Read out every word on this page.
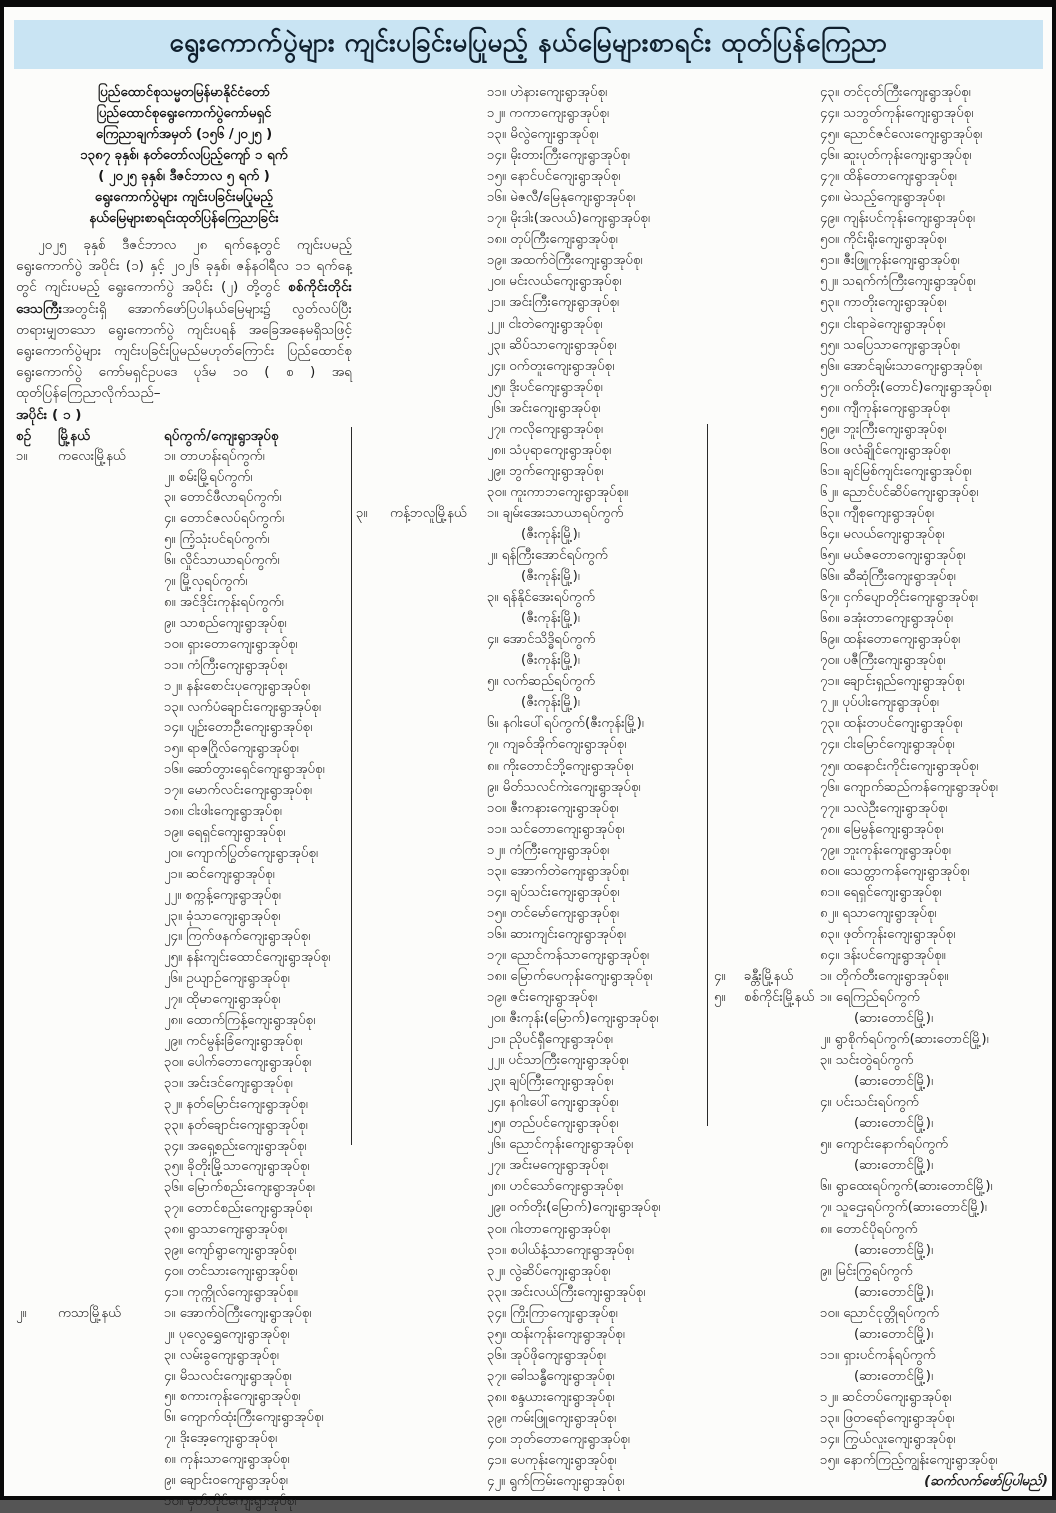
ရွေးကောက်ပွဲများ ကျင်းပခြင်းမပြုမည့် နယ်မြေများစာရင်း ထုတ်ပြန်ကြေညာ
ပြည်ထောင်စုသမ္မတမြန်မာနိုင်ငံတော်
ပြည်ထောင်စုရွေးကောက်ပွဲကော်မရှင်
ကြေညာချက်အမှတ် (၁၅၆ /၂၀၂၅ )
၁၃၈၇ ခုနှစ်၊ နတ်တော်လပြည့်ကျော် ၁ ရက်
( ၂၀၂၅ ခုနှစ်၊ ဒီဇင်ဘာလ ၅ ရက် )
ရွေးကောက်ပွဲများ ကျင်းပခြင်းမပြုမည့်
နယ်မြေများစာရင်းထုတ်ပြန်ကြေညာခြင်း
၂၀၂၅ ခုနှစ် ဒီဇင်ဘာလ ၂၈ ရက်နေ့တွင် ကျင်းပမည့် ရွေးကောက်ပွဲ အပိုင်း (၁) နှင့် ၂၀၂၆ ခုနှစ်၊ ဇန်နဝါရီလ ၁၁ ရက်နေ့တွင် ကျင်းပမည့် ရွေးကောက်ပွဲ အပိုင်း (၂) တို့တွင် စစ်ကိုင်းတိုင်းဒေသကြီးအတွင်းရှိ အောက်ဖော်ပြပါနယ်မြေများ၌ လွတ်လပ်ပြီး တရားမျှတသော ရွေးကောက်ပွဲ ကျင်းပရန် အခြေအနေမရှိသဖြင့် ရွေးကောက်ပွဲများ ကျင်းပခြင်းပြုမည်မဟုတ်ကြောင်း ပြည်ထောင်စုရွေးကောက်ပွဲ ကော်မရှင်ဥပဒေ ပုဒ်မ ၁၀ ( စ ) အရ ထုတ်ပြန်ကြေညာလိုက်သည်–
အပိုင်း ( ၁ )
စဉ်	မြို့နယ်	ရပ်ကွက်/ကျေးရွာအုပ်စု
၁။	ကလေးမြို့နယ်	၁။ တာဟန်းရပ်ကွက်၊
၂။ စမ်းမြို့ရပ်ကွက်၊
၃။ တောင်ဖီလာရပ်ကွက်၊
၄။ တောင်ဇလပ်ရပ်ကွက်၊
၅။ ကြံ့သုံးပင်ရပ်ကွက်၊
၆။ လှိုင်သာယာရပ်ကွက်၊
၇။ မြို့လှရပ်ကွက်၊
၈။ အင်ဒိုင်းကုန်းရပ်ကွက်၊
၉။ သာစည်ကျေးရွာအုပ်စု၊
၁၀။ ရှားတောကျေးရွာအုပ်စု၊
၁၁။ ကံကြီးကျေးရွာအုပ်စု၊
၁၂။ နန်းစောင်းပုကျေးရွာအုပ်စု၊
၁၃။ လက်ပံချောင်းကျေးရွာအုပ်စု၊
၁၄။ ပျဉ်းတောဦးကျေးရွာအုပ်စု၊
၁၅။ ရာဇဂြိုလ်ကျေးရွာအုပ်စု၊
၁၆။ ဆော်တွားရှေင်ကျေးရွာအုပ်စု၊
၁၇။ မောက်လင်းကျေးရွာအုပ်စု၊
၁၈။ ငါးဖါးကျေးရွာအုပ်စု၊
၁၉။ ရေရှင်ကျေးရွာအုပ်စု၊
၂၀။ ကျောက်ပြွတ်ကျေးရွာအုပ်စု၊
၂၁။ ဆင်ကျေးရွာအုပ်စု၊
၂၂။ စက္ကန့်ကျေးရွာအုပ်စု၊
၂၃။ ခုံသာကျေးရွာအုပ်စု၊
၂၄။ ကြက်ဖနက်ကျေးရွာအုပ်စု၊
၂၅။ နန်းကျင်းထောင်ကျေးရွာအုပ်စု၊
၂၆။ ဥယျာဉ်ကျေးရွာအုပ်စု၊
၂၇။ ထိုမာကျေးရွာအုပ်စု၊
၂၈။ ထောက်ကြန့်ကျေးရွာအုပ်စု၊
၂၉။ ကင်မွန်းခြံကျေးရွာအုပ်စု၊
၃၀။ ပေါက်တောကျေးရွာအုပ်စု၊
၃၁။ အင်းဒင်ကျေးရွာအုပ်စု၊
၃၂။ နတ်မြောင်းကျေးရွာအုပ်စု၊
၃၃။ နတ်ချောင်းကျေးရွာအုပ်စု၊
၃၄။ အရှေ့စည်းကျေးရွာအုပ်စု၊
၃၅။ ခိုတိုးမြို့သာကျေးရွာအုပ်စု၊
၃၆။ မြောက်စည်းကျေးရွာအုပ်စု၊
၃၇။ တောင်စည်းကျေးရွာအုပ်စု၊
၃၈။ ရွာသာကျေးရွာအုပ်စု၊
၃၉။ ကျော်ရွာကျေးရွာအုပ်စု၊
၄၀။ တင်သားကျေးရွာအုပ်စု၊
၄၁။ ကုက္ကိုလ်ကျေးရွာအုပ်စု။
၂။	ကသာမြို့နယ်	၁။ အောက်ဝဲကြီးကျေးရွာအုပ်စု၊
၂။ ပုလွေရွှေကျေးရွာအုပ်စု၊
၃။ လမ်းခွကျေးရွာအုပ်စု၊
၄။ မိသလင်းကျေးရွာအုပ်စု၊
၅။ စကားကုန်းကျေးရွာအုပ်စု၊
၆။ ကျောက်ထုံးကြီးကျေးရွာအုပ်စု၊
၇။ ဒိုးအေ့ကျေးရွာအုပ်စု၊
၈။ ကုန်းသာကျေးရွာအုပ်စု၊
၉။ ချောင်းဝကျေးရွာအုပ်စု၊
၁၀။ မှတ်တိုင်ကျေးရွာအုပ်စု၊
၁၁။ ဟဲနားကျေးရွာအုပ်စု၊
၁၂။ ကကာကျေးရွာအုပ်စု၊
၁၃။ မိလွဲကျေးရွာအုပ်စု၊
၁၄။ မိုးတားကြီးကျေးရွာအုပ်စု၊
၁၅။ နောင်ပင်ကျေးရွာအုပ်စု၊
၁၆။ မဲဇလီ/မြေနုကျေးရွာအုပ်စု၊
၁၇။ မိုးဒါး(အလယ်)ကျေးရွာအုပ်စု၊
၁၈။ တုပ်ကြီးကျေးရွာအုပ်စု၊
၁၉။ အထက်ဝဲကြီးကျေးရွာအုပ်စု၊
၂၀။ မင်းလယ်ကျေးရွာအုပ်စု၊
၂၁။ အင်းကြီးကျေးရွာအုပ်စု၊
၂၂။ ငါးတဲကျေးရွာအုပ်စု၊
၂၃။ ဆိပ်သာကျေးရွာအုပ်စု၊
၂၄။ ဝက်တူးကျေးရွာအုပ်စု၊
၂၅။ ဒိုးပင်ကျေးရွာအုပ်စု၊
၂၆။ အင်းကျေးရွာအုပ်စု၊
၂၇။ ကလိုကျေးရွာအုပ်စု၊
၂၈။ သံပုရာကျေးရွာအုပ်စု၊
၂၉။ ဘွက်ကျေးရွာအုပ်စု၊
၃၀။ ကူးကာဘကျေးရွာအုပ်စု။
၃။	ကန့်ဘလူမြို့နယ်	၁။ ချမ်းအေးသာယာရပ်ကွက်
(ဇီးကုန်းမြို့)၊
၂။ ရန်ကြီးအောင်ရပ်ကွက်
(ဇီးကုန်းမြို့)၊
၃။ ရန်နိုင်အေးရပ်ကွက်
(ဇီးကုန်းမြို့)၊
၄။ အောင်သိဒ္ဓိရပ်ကွက်
(ဇီးကုန်းမြို့)၊
၅။ လက်ဆည်ရပ်ကွက်
(ဇီးကုန်းမြို့)၊
၆။ နဂါးပေါ်ရပ်ကွက်(ဇီးကုန်းမြို့)၊
၇။ ကျခဝ်အိုက်ကျေးရွာအုပ်စု၊
၈။ ကိုးတောင်ဘို့ကျေးရွာအုပ်စု၊
၉။ မိတ်သလင်ကဲးကျေးရွာအုပ်စု၊
၁၀။ ဇီးကနားကျေးရွာအုပ်စု၊
၁၁။ သင်တောကျေးရွာအုပ်စု၊
၁၂။ ကံကြီးကျေးရွာအုပ်စု၊
၁၃။ အောက်တဲကျေးရွာအုပ်စု၊
၁၄။ ချပ်သင်းကျေးရွာအုပ်စု၊
၁၅။ တင်မော်ကျေးရွာအုပ်စု၊
၁၆။ ဆားကျင်းကျေးရွာအုပ်စု၊
၁၇။ ညောင်ကန်သာကျေးရွာအုပ်စု၊
၁၈။ မြောက်ပေကုန်းကျေးရွာအုပ်စု၊
၁၉။ ဇင်းကျေးရွာအုပ်စု၊
၂၀။ ဇီးကုန်း(မြောက်)ကျေးရွာအုပ်စု၊
၂၁။ ညိုပင်ရှီကျေးရွာအုပ်စု၊
၂၂။ ပင်သာကြီးကျေးရွာအုပ်စု၊
၂၃။ ချပ်ကြီးကျေးရွာအုပ်စု၊
၂၄။ နဂါးပေါ်ကျေးရွာအုပ်စု၊
၂၅။ တည်ပင်ကျေးရွာအုပ်စု၊
၂၆။ ညောင်ကုန်းကျေးရွာအုပ်စု၊
၂၇။ အင်းမကျေးရွာအုပ်စု၊
၂၈။ ဟင်သော်ကျေးရွာအုပ်စု၊
၂၉။ ဝက်တိုး(မြောက်)ကျေးရွာအုပ်စု၊
၃၀။ ဂါးတာကျေးရွာအုပ်စု၊
၃၁။ စပါယ်နံ့သာကျေးရွာအုပ်စု၊
၃၂။ လွဲဆိပ်ကျေးရွာအုပ်စု၊
၃၃။ အင်းလယ်ကြီးကျေးရွာအုပ်စု၊
၃၄။ ကြိုးကြာကျေးရွာအုပ်စု၊
၃၅။ ထန်းကုန်းကျေးရွာအုပ်စု၊
၃၆။ အုပ်ဖိုကျေးရွာအုပ်စု၊
၃၇။ ခေါသန္ဓီကျေးရွာအုပ်စု၊
၃၈။ စန္ဒယားကျေးရွာအုပ်စု၊
၃၉။ ကမ်းဖြူကျေးရွာအုပ်စု၊
၄၀။ ဘုတ်တောကျေးရွာအုပ်စု၊
၄၁။ ပေကုန်းကျေးရွာအုပ်စု၊
၄၂။ ရွက်ကြမ်းကျေးရွာအုပ်စု၊
၄၃။ တင်ငုတ်ကြီးကျေးရွာအုပ်စု၊
၄၄။ သဘွတ်ကုန်းကျေးရွာအုပ်စု၊
၄၅။ ညောင်ဇင်လေးကျေးရွာအုပ်စု၊
၄၆။ ဆူးပုတ်ကုန်းကျေးရွာအုပ်စု၊
၄၇။ ထိန်တောကျေးရွာအုပ်စု၊
၄၈။ မဲသည့်ကျေးရွာအုပ်စု၊
၄၉။ ကျန်းပင်ကုန်းကျေးရွာအုပ်စု၊
၅၀။ ကိုင်းရိုးကျေးရွာအုပ်စု၊
၅၁။ ဇီးဖြူကုန်းကျေးရွာအုပ်စု၊
၅၂။ သရက်ကံကြီးကျေးရွာအုပ်စု၊
၅၃။ ကာတိုးကျေးရွာအုပ်စု၊
၅၄။ ငါးရာခဲကျေးရွာအုပ်စု၊
၅၅။ သပြေသာကျေးရွာအုပ်စု၊
၅၆။ အောင်ချမ်းသာကျေးရွာအုပ်စု၊
၅၇။ ဝက်တိုး(တောင်)ကျေးရွာအုပ်စု၊
၅၈။ ကျီကုန်းကျေးရွာအုပ်စု၊
၅၉။ ဘူးကြီးကျေးရွာအုပ်စု၊
၆၀။ ဖလံချိုင်ကျေးရွာအုပ်စု၊
၆၁။ ချင်မြစ်ကျင်းကျေးရွာအုပ်စု၊
၆၂။ ညောင်ပင်ဆိပ်ကျေးရွာအုပ်စု၊
၆၃။ ကျီစုကျေးရွာအုပ်စု၊
၆၄။ မလယ်ကျေးရွာအုပ်စု၊
၆၅။ မယ်ဇတောကျေးရွာအုပ်စု၊
၆၆။ ဆီဆုံကြီးကျေးရွာအုပ်စု၊
၆၇။ ငှက်ပျောတိုင်းကျေးရွာအုပ်စု၊
၆၈။ ခအုံးတာကျေးရွာအုပ်စု၊
၆၉။ ထန်းတောကျေးရွာအုပ်စု၊
၇၀။ ပဇီကြီးကျေးရွာအုပ်စု၊
၇၁။ ချောင်းရှည်ကျေးရွာအုပ်စု၊
၇၂။ ပုပ်ပါးကျေးရွာအုပ်စု၊
၇၃။ ထန်းတပင်ကျေးရွာအုပ်စု၊
၇၄။ ငါးမြောင်ကျေးရွာအုပ်စု၊
၇၅။ ထနောင်းကိုင်းကျေးရွာအုပ်စု၊
၇၆။ ကျောက်ဆည်ကန်ကျေးရွာအုပ်စု၊
၇၇။ သလဲဦးကျေးရွာအုပ်စု၊
၇၈။ မြေမွန်ကျေးရွာအုပ်စု၊
၇၉။ ဘူးကုန်းကျေးရွာအုပ်စု၊
၈၀။ သေတ္တာကန်ကျေးရွာအုပ်စု၊
၈၁။ ရေရှင်ကျေးရွာအုပ်စု၊
၈၂။ ရသာကျေးရွာအုပ်စု၊
၈၃။ ဖုတ်ကုန်းကျေးရွာအုပ်စု၊
၈၄။ ဒန်းပင်ကျေးရွာအုပ်စု။
၄။	ခန္တီးမြို့နယ်	၁။ တိုက်တီးကျေးရွာအုပ်စု။
၅။	စစ်ကိုင်းမြို့နယ် ၁။ ရေကြည်ရပ်ကွက်
(ဆားတောင်မြို့)၊
၂။ ရွာစိုက်ရပ်ကွက်(ဆားတောင်မြို့)၊
၃။ သင်းတွဲရပ်ကွက်
(ဆားတောင်မြို့)၊
၄။ ပင်းသင်းရပ်ကွက်
(ဆားတောင်မြို့)၊
၅။ ကျောင်းနောက်ရပ်ကွက်
(ဆားတောင်မြို့)၊
၆။ ရွာထေးရပ်ကွက်(ဆားတောင်မြို့)၊
၇။ သူဌေးရပ်ကွက်(ဆားတောင်မြို့)၊
၈။ တောင်ပိုရပ်ကွက်
(ဆားတောင်မြို့)၊
၉။ မြင်းကြွရပ်ကွက်
(ဆားတောင်မြို့)၊
၁၀။ ညောင်ငုတ္တိုရပ်ကွက်
(ဆားတောင်မြို့)၊
၁၁။ ရှားပင်ကန်ရပ်ကွက်
(ဆားတောင်မြို့)၊
၁၂။ ဆင်တပ်ကျေးရွာအုပ်စု၊
၁၃။ ဖြတရော်ကျေးရွာအုပ်စု၊
၁၄။ ကြွယ်လူးကျေးရွာအုပ်စု၊
၁၅။ နောက်ကြည့်ကျွန်းကျေးရွာအုပ်စု၊
(ဆက်လက်ဖော်ပြပါမည်)
